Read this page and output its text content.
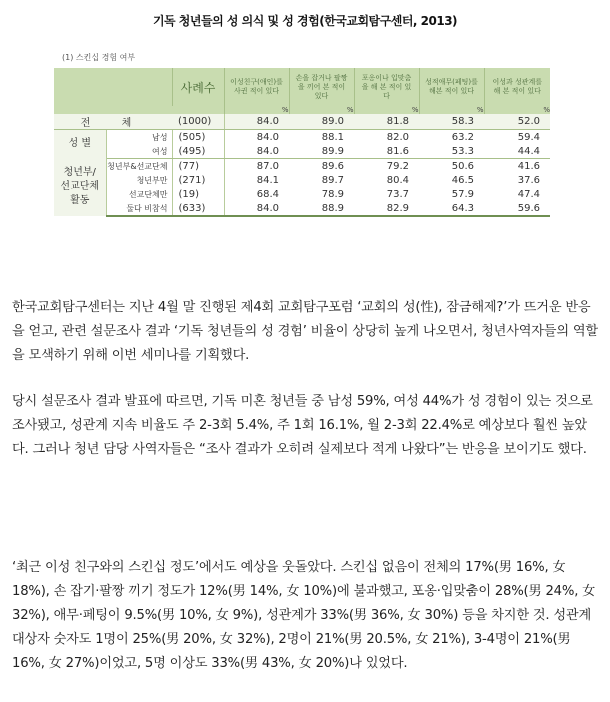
기독 청년들의 성 의식 및 성 경험(한국교회탐구센터, 2013)
(1) 스킨십 경험 여부
		사례수	이성친구(애인)를 사귄 적이 있다	손을 잡거나 팔짱을 끼어 본 적이 있다	포옹이나 입맞춤을 해 본 적이 있다	성적애무(페팅)를 해본 적이 있다	이성과 성관계를 해 본 적이 있다
			%	%	%	%	%
전 체		(1000)	84.0	89.0	81.8	58.3	52.0
성 별	남성	(505)	84.0	88.1	82.0	63.2	59.4
	여성	(495)	84.0	89.9	81.6	53.3	44.4
청년부/
선교단체
활동	청년부&선교단체	(77)	87.0	89.6	79.2	50.6	41.6
	청년부만	(271)	84.1	89.7	80.4	46.5	37.6
	선교단체만	(19)	68.4	78.9	73.7	57.9	47.4
	둘다 비참석	(633)	84.0	88.9	82.9	64.3	59.6

한국교회탐구센터는 지난 4월 말 진행된 제4회 교회탐구포럼 ‘교회의 성(性), 잠금해제?’가 뜨거운 반응을 얻고, 관련 설문조사 결과 ‘기독 청년들의 성 경험’ 비율이 상당히 높게 나오면서, 청년사역자들의 역할을 모색하기 위해 이번 세미나를 기획했다.

당시 설문조사 결과 발표에 따르면, 기독 미혼 청년들 중 남성 59%, 여성 44%가 성 경험이 있는 것으로 조사됐고, 성관계 지속 비율도 주 2-3회 5.4%, 주 1회 16.1%, 월 2-3회 22.4%로 예상보다 훨씬 높았다. 그러나 청년 담당 사역자들은 “조사 결과가 오히려 실제보다 적게 나왔다”는 반응을 보이기도 했다.

‘최근 이성 친구와의 스킨십 정도’에서도 예상을 웃돌았다. 스킨십 없음이 전체의 17%(男 16%, 女 18%), 손 잡기·팔짱 끼기 정도가 12%(男 14%, 女 10%)에 불과했고, 포옹·입맞춤이 28%(男 24%, 女 32%), 애무·페팅이 9.5%(男 10%, 女 9%), 성관계가 33%(男 36%, 女 30%) 등을 차지한 것. 성관계 대상자 숫자도 1명이 25%(男 20%, 女 32%), 2명이 21%(男 20.5%, 女 21%), 3-4명이 21%(男 16%, 女 27%)이었고, 5명 이상도 33%(男 43%, 女 20%)나 있었다.
